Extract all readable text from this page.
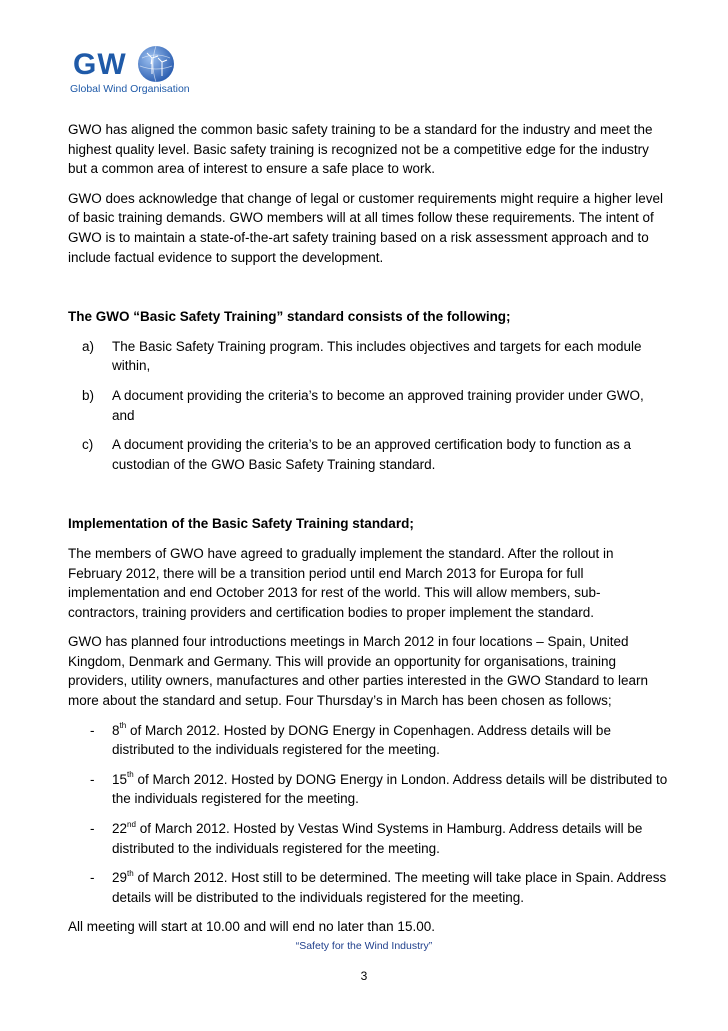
GW
Global Wind Organisation

GWO has aligned the common basic safety training to be a standard for the industry and meet the highest quality level. Basic safety training is recognized not be a competitive edge for the industry but a common area of interest to ensure a safe place to work.

GWO does acknowledge that change of legal or customer requirements might require a higher level of basic training demands. GWO members will at all times follow these requirements. The intent of GWO is to maintain a state-of-the-art safety training based on a risk assessment approach and to include factual evidence to support the development.

The GWO “Basic Safety Training” standard consists of the following;

a) The Basic Safety Training program. This includes objectives and targets for each module within,
b) A document providing the criteria’s to become an approved training provider under GWO, and
c) A document providing the criteria’s to be an approved certification body to function as a custodian of the GWO Basic Safety Training standard.

Implementation of the Basic Safety Training standard;

The members of GWO have agreed to gradually implement the standard. After the rollout in February 2012, there will be a transition period until end March 2013 for Europa for full implementation and end October 2013 for rest of the world. This will allow members, sub-contractors, training providers and certification bodies to proper implement the standard.

GWO has planned four introductions meetings in March 2012 in four locations – Spain, United Kingdom, Denmark and Germany. This will provide an opportunity for organisations, training providers, utility owners, manufactures and other parties interested in the GWO Standard to learn more about the standard and setup. Four Thursday’s in March has been chosen as follows;

- 8th of March 2012. Hosted by DONG Energy in Copenhagen. Address details will be distributed to the individuals registered for the meeting.
- 15th of March 2012. Hosted by DONG Energy in London. Address details will be distributed to the individuals registered for the meeting.
- 22nd of March 2012. Hosted by Vestas Wind Systems in Hamburg. Address details will be distributed to the individuals registered for the meeting.
- 29th of March 2012. Host still to be determined. The meeting will take place in Spain. Address details will be distributed to the individuals registered for the meeting.

All meeting will start at 10.00 and will end no later than 15.00.

“Safety for the Wind Industry”
3
